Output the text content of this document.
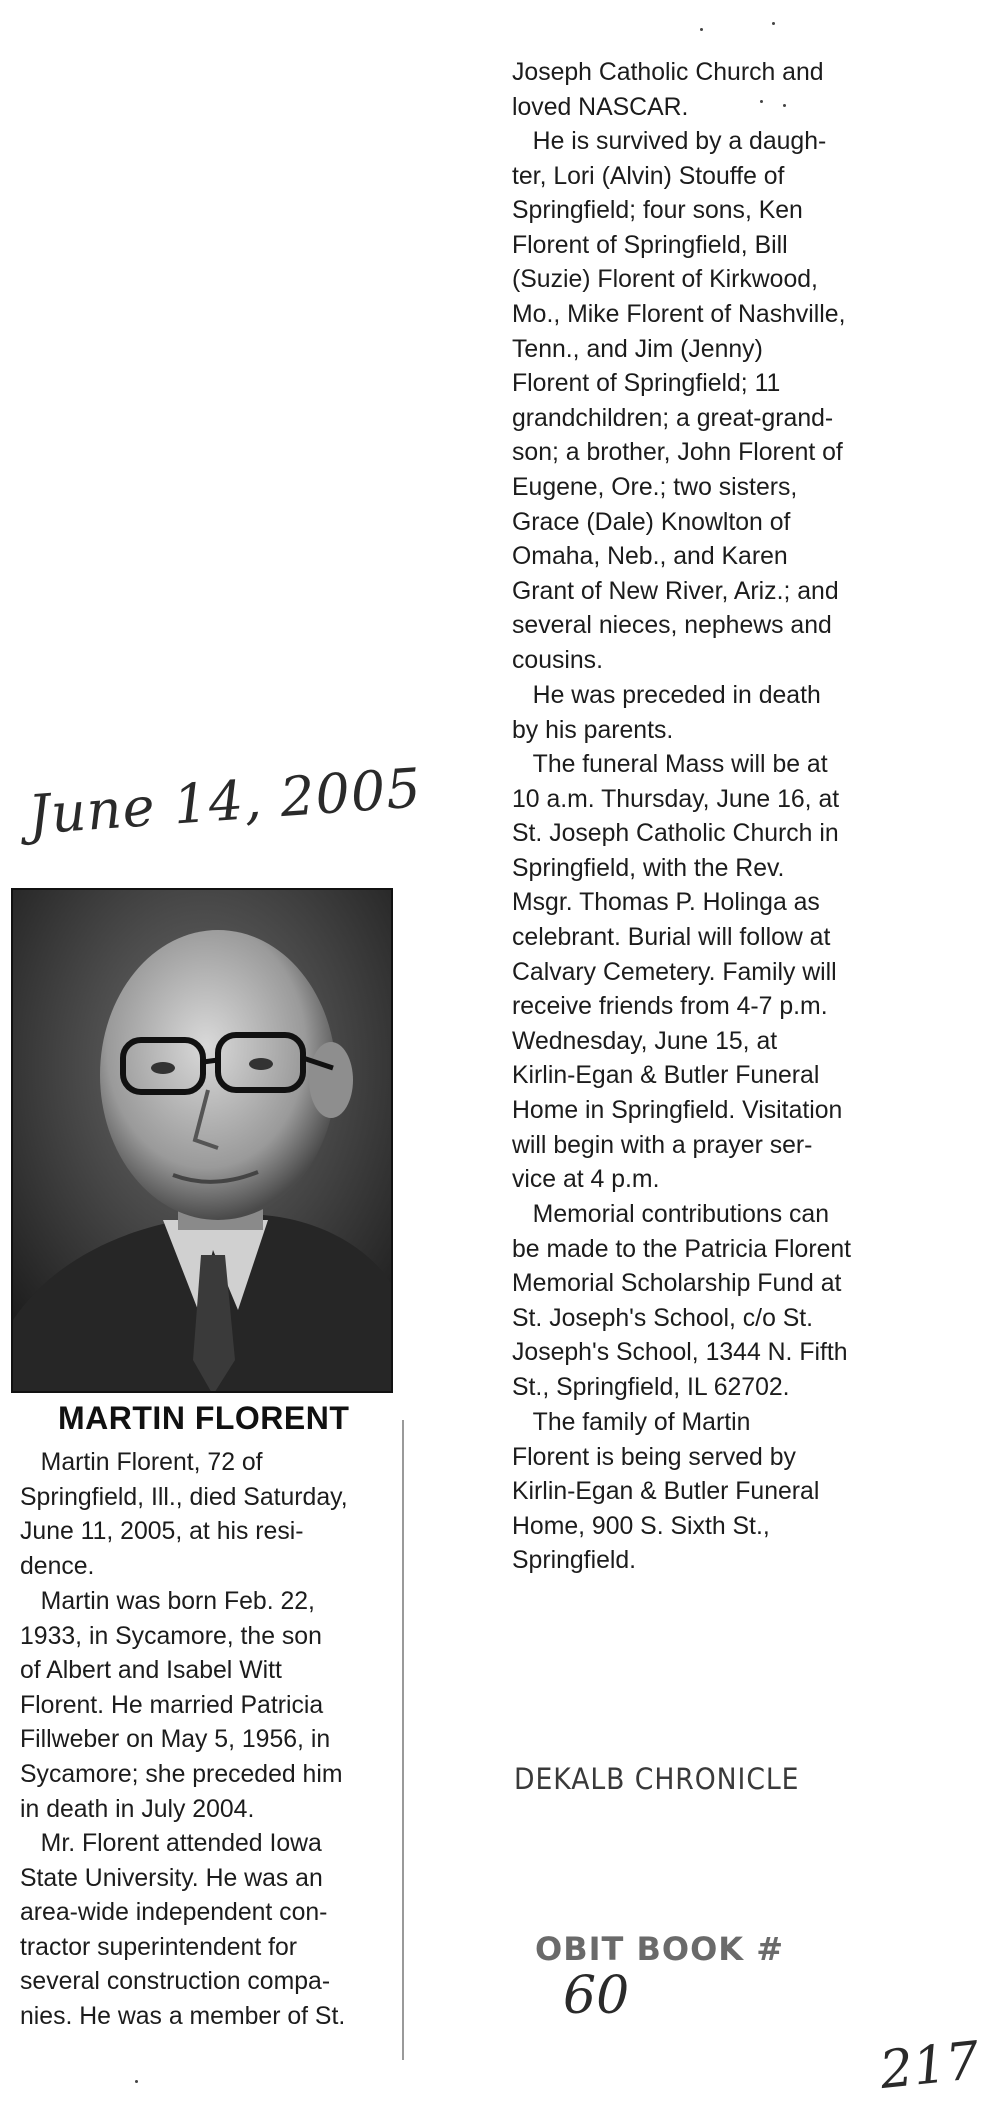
June 14, 2005
MARTIN FLORENT

Martin Florent, 72 of
Springfield, Ill., died Saturday,
June 11, 2005, at his resi-
dence.

Martin was born Feb. 22,
1933, in Sycamore, the son
of Albert and Isabel Witt
Florent. He married Patricia
Fillweber on May 5, 1956, in
Sycamore; she preceded him
in death in July 2004.

Mr. Florent attended Iowa
State University. He was an
area-wide independent con-
tractor superintendent for
several construction compa-
nies. He was a member of St.

Joseph Catholic Church and
loved NASCAR.

He is survived by a daugh-
ter, Lori (Alvin) Stouffe of
Springfield; four sons, Ken
Florent of Springfield, Bill
(Suzie) Florent of Kirkwood,
Mo., Mike Florent of Nashville,
Tenn., and Jim (Jenny)
Florent of Springfield; 11
grandchildren; a great-grand-
son; a brother, John Florent of
Eugene, Ore.; two sisters,
Grace (Dale) Knowlton of
Omaha, Neb., and Karen
Grant of New River, Ariz.; and
several nieces, nephews and
cousins.

He was preceded in death
by his parents.

The funeral Mass will be at
10 a.m. Thursday, June 16, at
St. Joseph Catholic Church in
Springfield, with the Rev.
Msgr. Thomas P. Holinga as
celebrant. Burial will follow at
Calvary Cemetery. Family will
receive friends from 4-7 p.m.
Wednesday, June 15, at
Kirlin-Egan & Butler Funeral
Home in Springfield. Visitation
will begin with a prayer ser-
vice at 4 p.m.

Memorial contributions can
be made to the Patricia Florent
Memorial Scholarship Fund at
St. Joseph's School, c/o St.
Joseph's School, 1344 N. Fifth
St., Springfield, IL 62702.

The family of Martin
Florent is being served by
Kirlin-Egan & Butler Funeral
Home, 900 S. Sixth St.,
Springfield.

DEKALB CHRONICLE
OBIT BOOK #
60
217
